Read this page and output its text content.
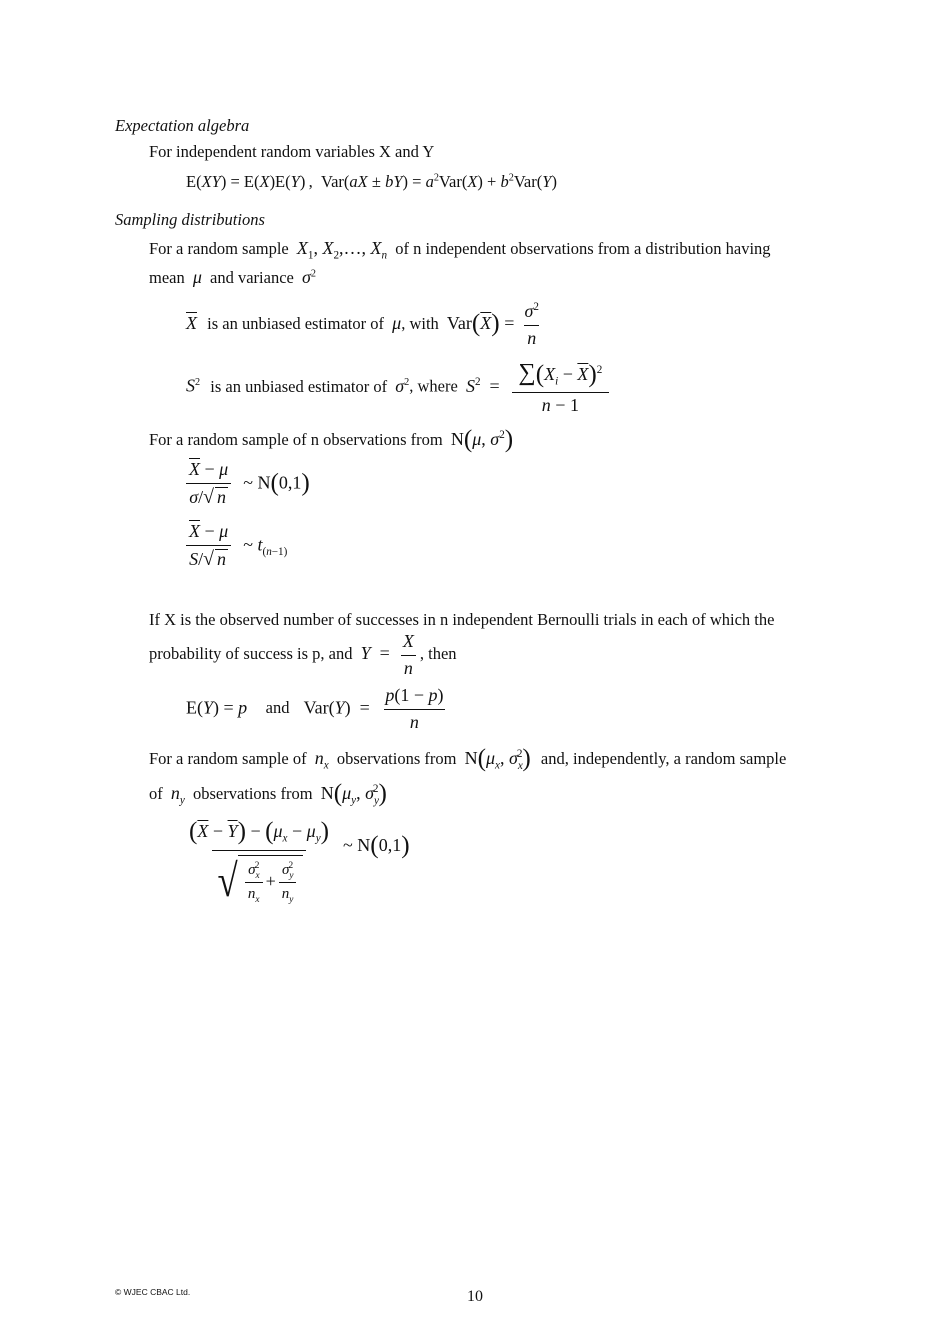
Expectation algebra
For independent random variables X and Y
E(XY) = E(X)E(Y) ,  $Var(aX \pm bY) = a^2Var(X) + b^2Var(Y)$
Sampling distributions
For a random sample $X_1$, $X_2,\dots$, $X_n$ of n independent observations from a distribution having
mean μ and variance $\sigma^2$
$\overline{X}$ is an unbiased estimator of μ, with $Var(\overline{X}) = \frac{\sigma^2}{n}$
$S^2$ is an unbiased estimator of $\sigma^2$, where $S^2 = \frac{\sum(X_i - \overline{X})^2}{n - 1}$
For a random sample of n observations from N(μ, $\sigma^2$)
$\frac{\overline{X} - \mu}{\sigma/√ n}$ ~ N(0,1)
$\frac{\overline{X} - \mu}{S/√ n}$ ~ $t_{(n-1)}$
If X is the observed number of successes in n independent Bernoulli trials in each of which the
probability of success is p, and $Y = \frac{X}{n}$ , then
E(Y) = p and $Var(Y) = \frac{p(1 - p)}{n}$
For a random sample of $n_x$ observations from $N(\mu_x$, $\sigma_x^2$) and, independently, a random sample
of $n_y$ observations from $N(\mu_y$, $\sigma_y^2$)
$\frac{(\overline{X} - \overline{Y}) - (\mu_x - \mu_y)}{√ \frac{\sigma_x^2}{n_x} + \frac{\sigma_y^2}{n_y}}$ ~ N(0,1)
© WJEC CBAC Ltd.	10
